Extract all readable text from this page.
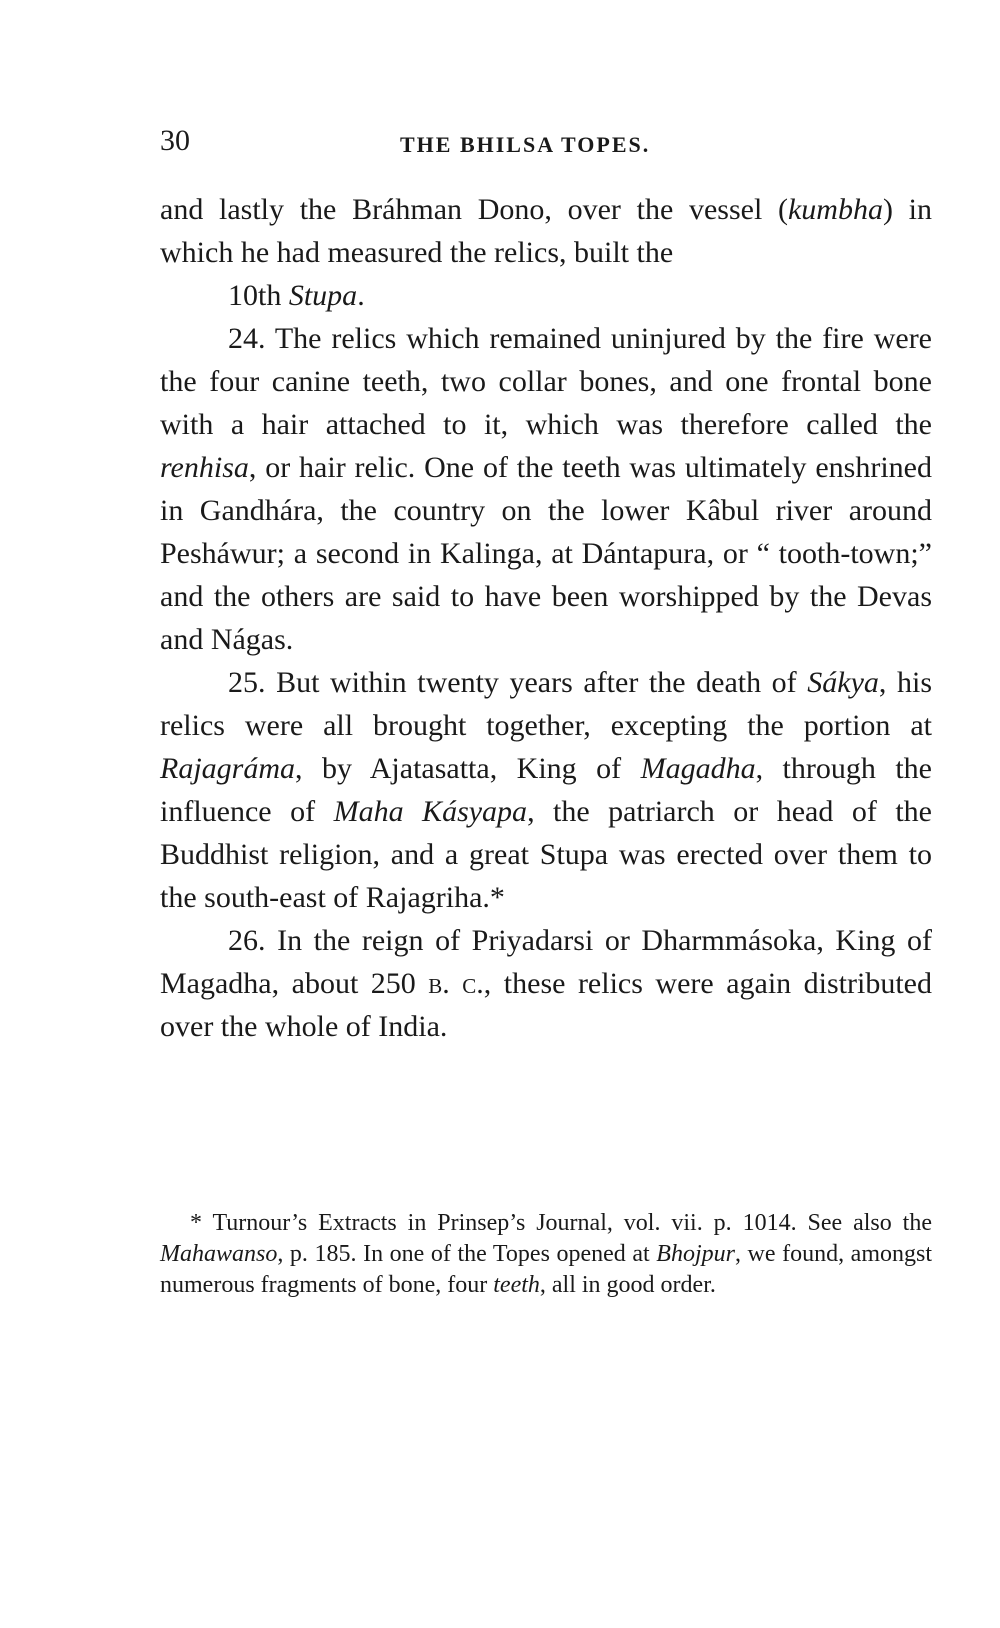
30	THE BHILSA TOPES.

and lastly the Bráhman Dono, over the vessel (kumbha) in which he had measured the relics, built the

10th Stupa.

24. The relics which remained uninjured by the fire were the four canine teeth, two collar bones, and one frontal bone with a hair attached to it, which was therefore called the renhisa, or hair relic. One of the teeth was ultimately enshrined in Gandhára, the country on the lower Kâbul river around Pesháwur; a second in Kalinga, at Dántapura, or “ tooth-town;” and the others are said to have been worshipped by the Devas and Nágas.

25. But within twenty years after the death of Sákya, his relics were all brought together, excepting the portion at Rajagráma, by Ajatasatta, King of Magadha, through the influence of Maha Kásyapa, the patriarch or head of the Buddhist religion, and a great Stupa was erected over them to the south-east of Rajagriha.*

26. In the reign of Priyadarsi or Dharmmásoka, King of Magadha, about 250 b. c., these relics were again distributed over the whole of India.

* Turnour’s Extracts in Prinsep’s Journal, vol. vii. p. 1014. See also the Mahawanso, p. 185. In one of the Topes opened at Bhojpur, we found, amongst numerous fragments of bone, four teeth, all in good order.
